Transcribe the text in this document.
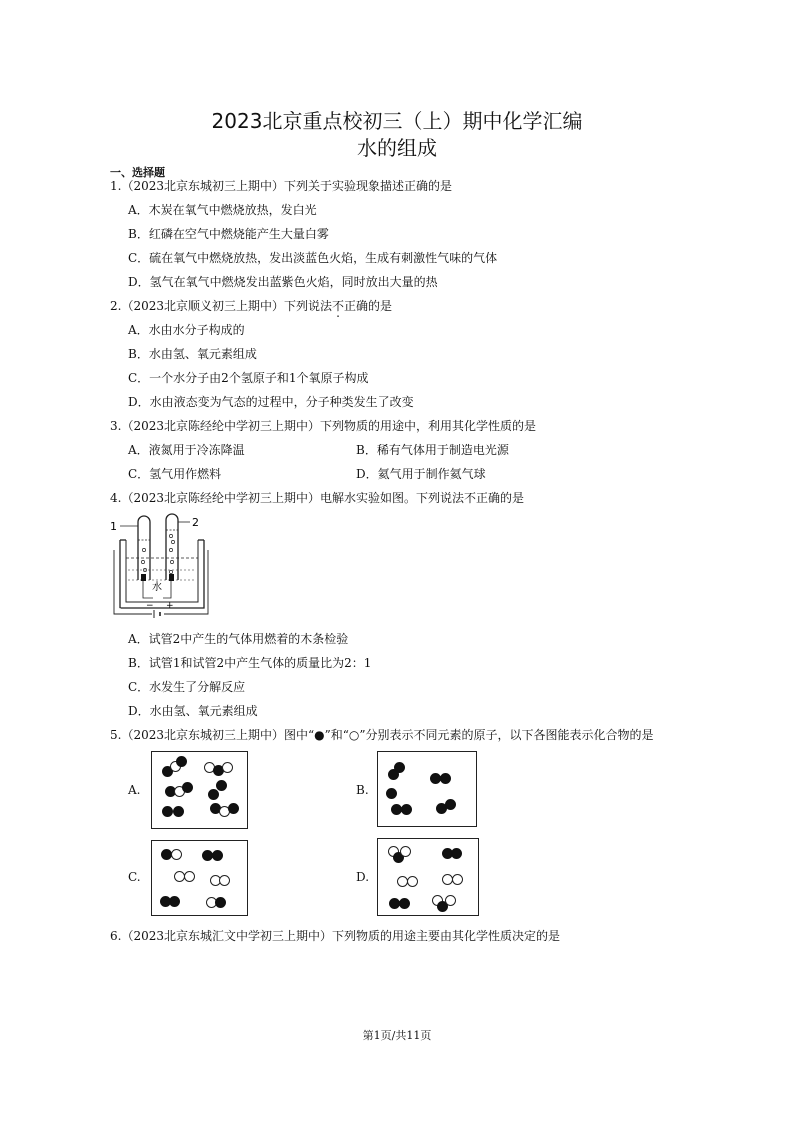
2023北京重点校初三（上）期中化学汇编
水的组成
一、选择题
1.（2023北京东城初三上期中）下列关于实验现象描述正确的是
A．木炭在氧气中燃烧放热，发白光
B．红磷在空气中燃烧能产生大量白雾
C．硫在氧气中燃烧放热，发出淡蓝色火焰，生成有刺激性气味的气体
D．氢气在氧气中燃烧发出蓝紫色火焰，同时放出大量的热
2.（2023北京顺义初三上期中）下列说法不正确的是
A．水由水分子构成的
B．水由氢、氧元素组成
C．一个水分子由2个氢原子和1个氧原子构成
D．水由液态变为气态的过程中，分子种类发生了改变
3.（2023北京陈经纶中学初三上期中）下列物质的用途中，利用其化学性质的是
A．液氮用于冷冻降温	B．稀有气体用于制造电光源
C．氢气用作燃料	D．氦气用于制作氦气球
4.（2023北京陈经纶中学初三上期中）电解水实验如图。下列说法不正确的是
− +
水
1	2
A．试管2中产生的气体用燃着的木条检验
B．试管1和试管2中产生气体的质量比为2：1
C．水发生了分解反应
D．水由氢、氧元素组成
5.（2023北京东城初三上期中）图中“●”和“○”分别表示不同元素的原子，以下各图能表示化合物的是
A.	B.
C.	D.
6.（2023北京东城汇文中学初三上期中）下列物质的用途主要由其化学性质决定的是
第1页/共11页
